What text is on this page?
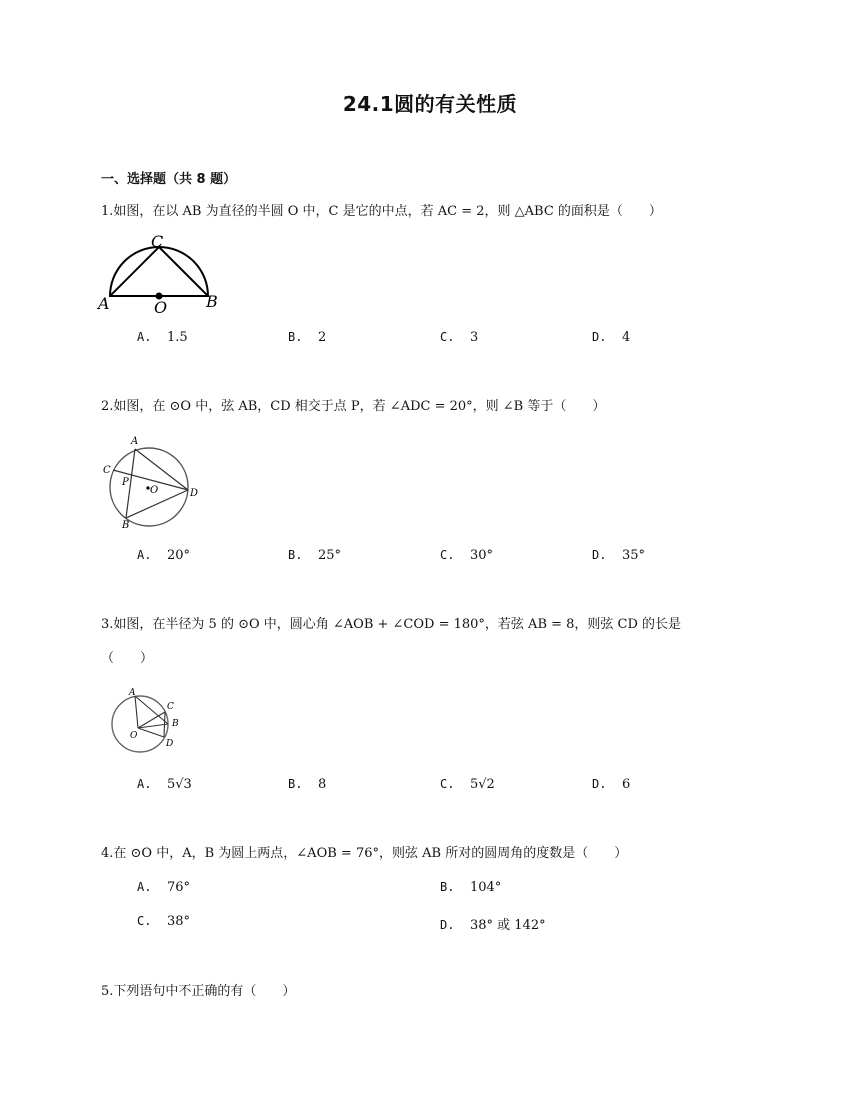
24.1圆的有关性质
一、选择题（共 8 题）
1.如图，在以 AB 为直径的半圆 O 中，C 是它的中点，若 AC = 2，则 △ABC 的面积是（　　）
C
A	B
O
A. 1.5	B. 2	C. 3	D. 4
2.如图，在 ⊙O 中，弦 AB，CD 相交于点 P，若 ∠ADC = 20°，则 ∠B 等于（　　）
A
C
P
O	D
B
A. 20°	B. 25°	C. 30°	D. 35°
3.如图，在半径为 5 的 ⊙O 中，圆心角 ∠AOB + ∠COD = 180°，若弦 AB = 8，则弦 CD 的长是
（　　）
A
C
B
D
O
A. 5√3	B. 8	C. 5√2	D. 6
4.在 ⊙O 中，A，B 为圆上两点，∠AOB = 76°，则弦 AB 所对的圆周角的度数是（　　）
A. 76°	B. 104°
C. 38°	D. 38° 或 142°
5.下列语句中不正确的有（　　）
